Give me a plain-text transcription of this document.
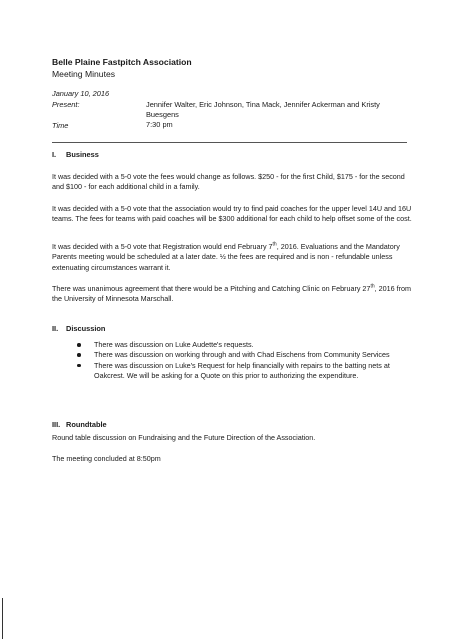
Belle Plaine Fastpitch Association
Meeting Minutes
January 10, 2016
Present:	Jennifer Walter, Eric Johnson, Tina Mack, Jennifer Ackerman and Kristy Buesgens
Time	7:30 pm
I. Business

It was decided with a 5-0 vote the fees would change as follows. $250 - for the first Child, $175 - for the second and $100 - for each additional child in a family.

It was decided with a 5-0 vote that the association would try to find paid coaches for the upper level 14U and 16U teams. The fees for teams with paid coaches will be $300 additional for each child to help offset some of the cost.

It was decided with a 5-0 vote that Registration would end February 7th, 2016. Evaluations and the Mandatory Parents meeting would be scheduled at a later date. ½ the fees are required and is non - refundable unless extenuating circumstances warrant it.

There was unanimous agreement that there would be a Pitching and Catching Clinic on February 27th, 2016 from the University of Minnesota Marschall.

II. Discussion
There was discussion on Luke Audette's requests.
There was discussion on working through and with Chad Eischens from Community Services
There was discussion on Luke's Request for help financially with repairs to the batting nets at Oakcrest. We will be asking for a Quote on this prior to authorizing the expenditure.
III. Roundtable

Round table discussion on Fundraising and the Future Direction of the Association.

The meeting concluded at 8:50pm
